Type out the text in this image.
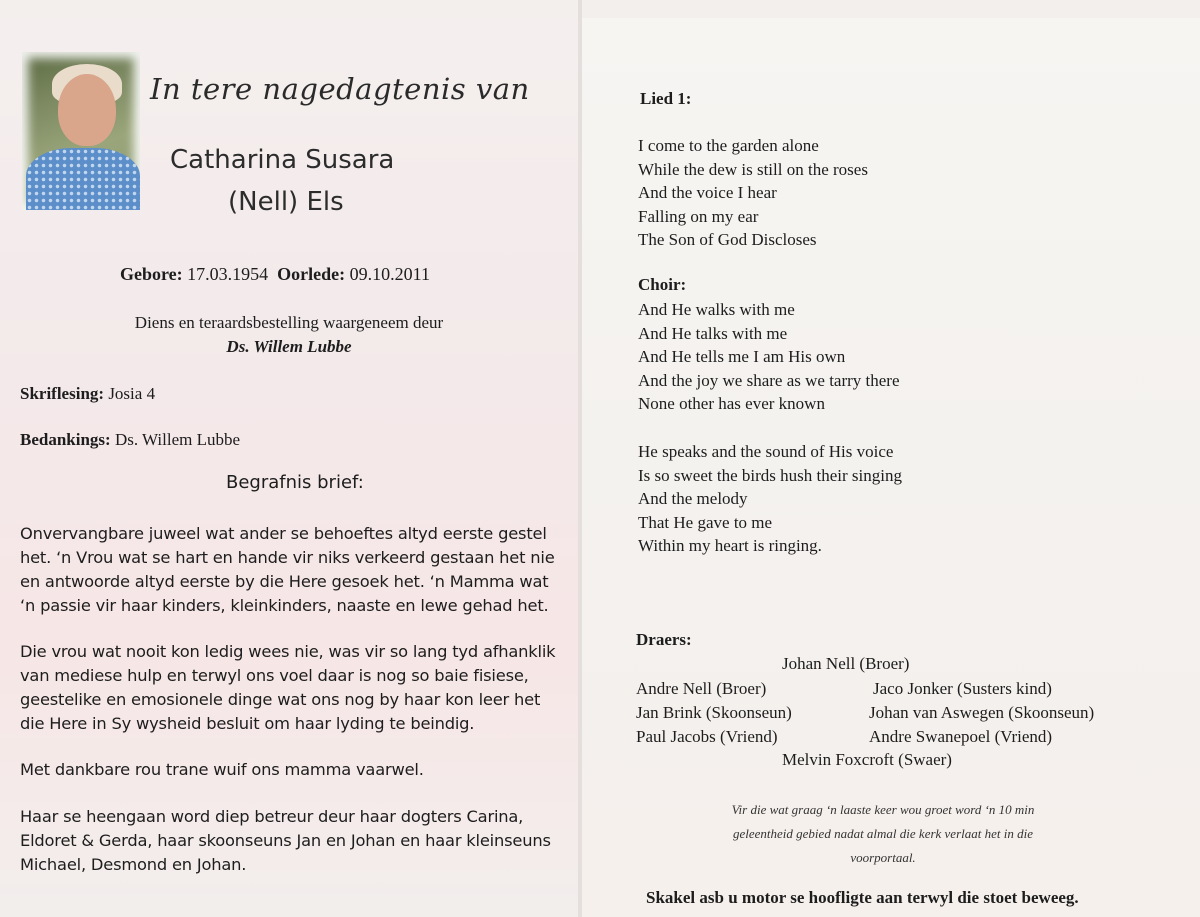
In tere nagedagtenis van
Catharina Susara
(Nell) Els
Gebore: 17.03.1954 Oorlede: 09.10.2011
Diens en teraardsbestelling waargeneem deur
Ds. Willem Lubbe
Skriflesing: Josia 4
Bedankings: Ds. Willem Lubbe
Begrafnis brief:
Onvervangbare juweel wat ander se behoeftes altyd eerste gestel het. ‘n Vrou wat se hart en hande vir niks verkeerd gestaan het nie en antwoorde altyd eerste by die Here gesoek het. ‘n Mamma wat ‘n passie vir haar kinders, kleinkinders, naaste en lewe gehad het.
Die vrou wat nooit kon ledig wees nie, was vir so lang tyd afhanklik van mediese hulp en terwyl ons voel daar is nog so baie fisiese, geestelike en emosionele dinge wat ons nog by haar kon leer het die Here in Sy wysheid besluit om haar lyding te beindig.
Met dankbare rou trane wuif ons mamma vaarwel.
Haar se heengaan word diep betreur deur haar dogters Carina, Eldoret & Gerda, haar skoonseuns Jan en Johan en haar kleinseuns Michael, Desmond en Johan.
Lied 1:
I come to the garden alone
While the dew is still on the roses
And the voice I hear
Falling on my ear
The Son of God Discloses
Choir:
And He walks with me
And He talks with me
And He tells me I am His own
And the joy we share as we tarry there
None other has ever known
He speaks and the sound of His voice
Is so sweet the birds hush their singing
And the melody
That He gave to me
Within my heart is ringing.
Draers:
Johan Nell (Broer)
Andre Nell (Broer)
Jan Brink (Skoonseun)
Paul Jacobs (Vriend)
Jaco Jonker (Susters kind)
Johan van Aswegen (Skoonseun)
Andre Swanepoel (Vriend)
Melvin Foxcroft (Swaer)
Vir die wat graag ‘n laaste keer wou groet word ‘n 10 min
geleentheid gebied nadat almal die kerk verlaat het in die
voorportaal.
Skakel asb u motor se hoofligte aan terwyl die stoet beweeg.
